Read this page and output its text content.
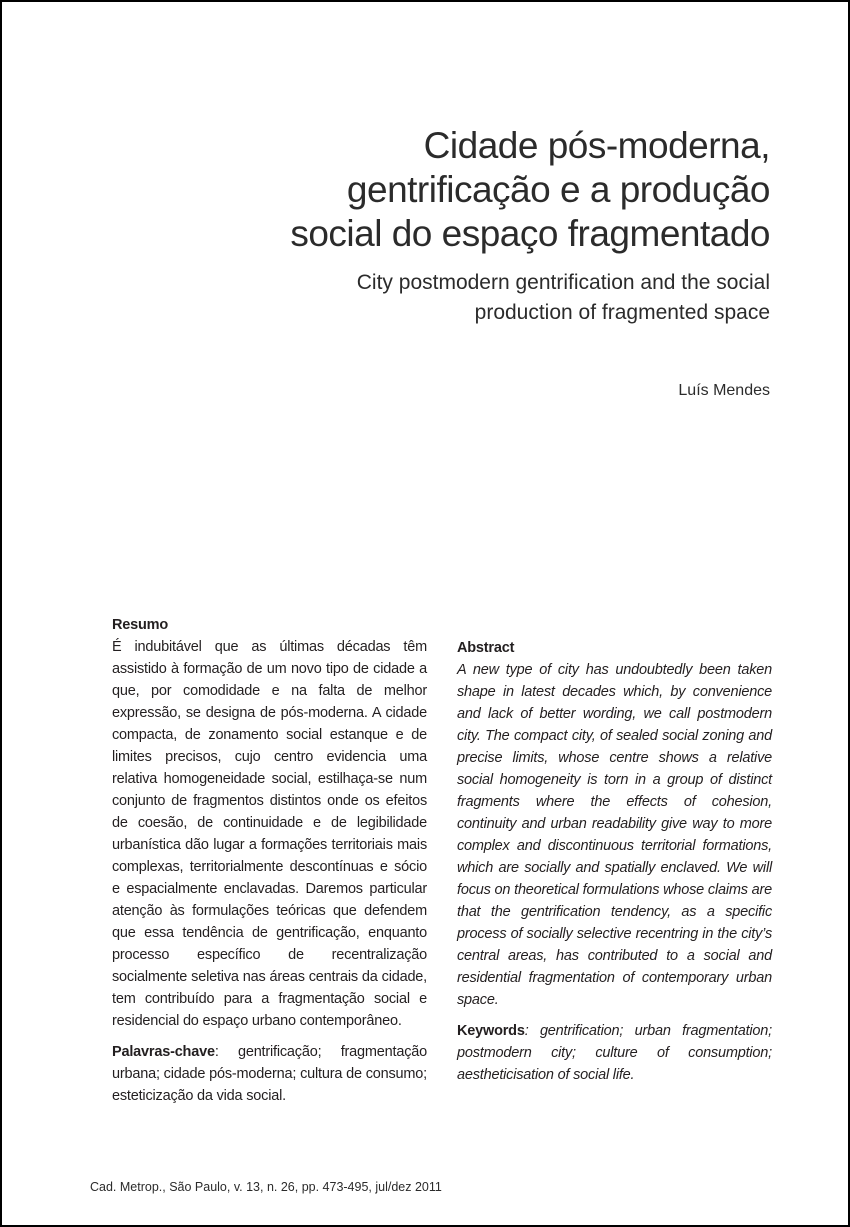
Cidade pós-moderna,
gentrificação e a produção
social do espaço fragmentado
City postmodern gentrification and the social
production of fragmented space
Luís Mendes
Resumo

É indubitável que as últimas décadas têm assistido à formação de um novo tipo de cidade a que, por comodidade e na falta de melhor expressão, se designa de pós-moderna. A cidade compacta, de zonamento social estanque e de limites precisos, cujo centro evidencia uma relativa homogeneidade social, estilhaça-se num conjunto de fragmentos distintos onde os efeitos de coesão, de continuidade e de legibilidade urbanística dão lugar a formações territoriais mais complexas, territorialmente descontínuas e sócio e espacialmente enclavadas. Daremos particular atenção às formulações teóricas que defendem que essa tendência de gentrificação, enquanto processo específico de recentralização socialmente seletiva nas áreas centrais da cidade, tem contribuído para a fragmentação social e residencial do espaço urbano contemporâneo.

Palavras-chave: gentrificação; fragmentação urbana; cidade pós-moderna; cultura de consumo; esteticização da vida social.

Abstract

A new type of city has undoubtedly been taken shape in latest decades which, by convenience and lack of better wording, we call postmodern city. The compact city, of sealed social zoning and precise limits, whose centre shows a relative social homogeneity is torn in a group of distinct fragments where the effects of cohesion, continuity and urban readability give way to more complex and discontinuous territorial formations, which are socially and spatially enclaved. We will focus on theoretical formulations whose claims are that the gentrification tendency, as a specific process of socially selective recentring in the city’s central areas, has contributed to a social and residential fragmentation of contemporary urban space.

Keywords: gentrification; urban fragmentation; postmodern city; culture of consumption; aestheticisation of social life.

Cad. Metrop., São Paulo, v. 13, n. 26, pp. 473-495, jul/dez 2011
